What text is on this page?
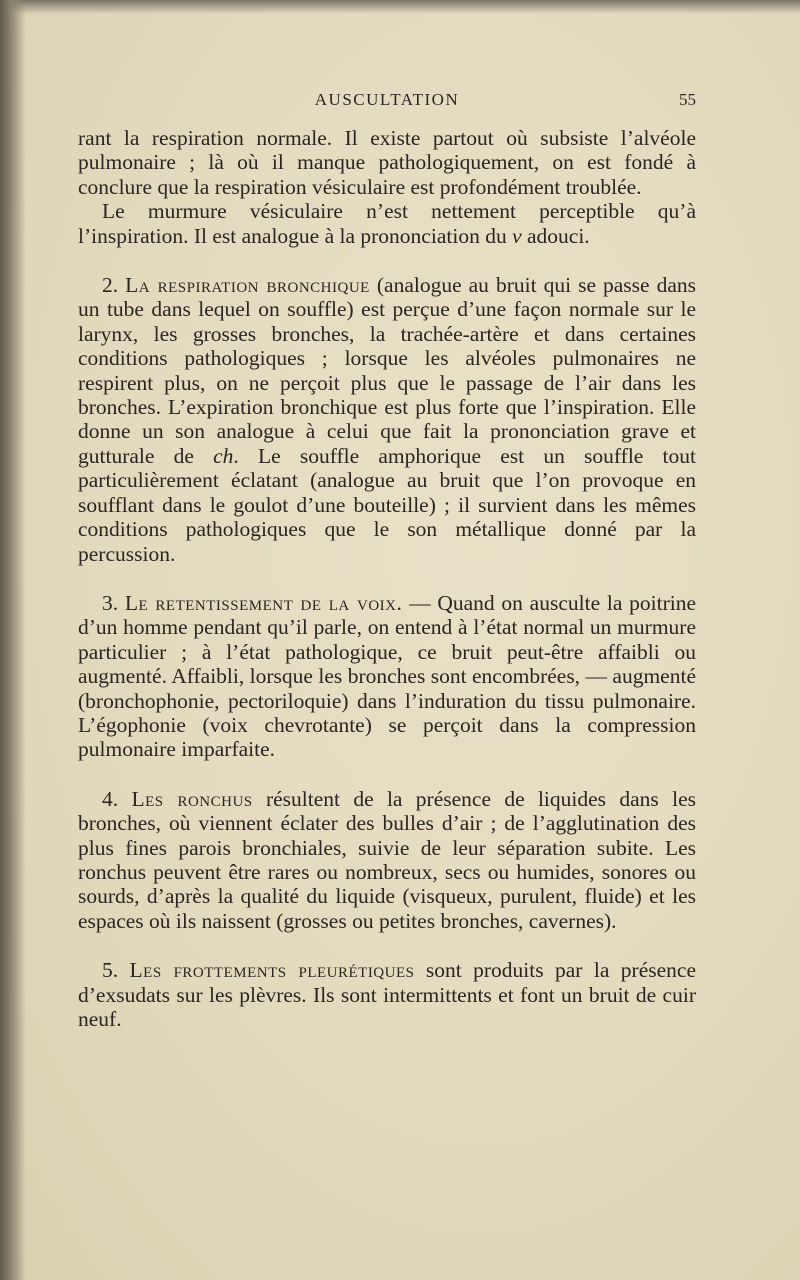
AUSCULTATION	55

rant la respiration normale. Il existe partout où subsiste l’alvéole pulmonaire ; là où il manque pathologiquement, on est fondé à conclure que la respiration vésiculaire est profondément troublée.

Le murmure vésiculaire n’est nettement perceptible qu’à l’inspiration. Il est analogue à la prononciation du v adouci.

2. La respiration bronchique (analogue au bruit qui se passe dans un tube dans lequel on souffle) est perçue d’une façon normale sur le larynx, les grosses bronches, la trachée-artère et dans certaines conditions pathologiques ; lorsque les alvéoles pulmonaires ne respirent plus, on ne perçoit plus que le passage de l’air dans les bronches. L’expiration bronchique est plus forte que l’inspiration. Elle donne un son analogue à celui que fait la prononciation grave et gutturale de ch. Le souffle amphorique est un souffle tout particulièrement éclatant (analogue au bruit que l’on provoque en soufflant dans le goulot d’une bouteille) ; il survient dans les mêmes conditions pathologiques que le son métallique donné par la percussion.

3. Le retentissement de la voix. — Quand on ausculte la poitrine d’un homme pendant qu’il parle, on entend à l’état normal un murmure particulier ; à l’état pathologique, ce bruit peut-être affaibli ou augmenté. Affaibli, lorsque les bronches sont encombrées, — augmenté (bronchophonie, pectoriloquie) dans l’induration du tissu pulmonaire. L’égophonie (voix chevrotante) se perçoit dans la compression pulmonaire imparfaite.

4. Les ronchus résultent de la présence de liquides dans les bronches, où viennent éclater des bulles d’air ; de l’agglutination des plus fines parois bronchiales, suivie de leur séparation subite. Les ronchus peuvent être rares ou nombreux, secs ou humides, sonores ou sourds, d’après la qualité du liquide (visqueux, purulent, fluide) et les espaces où ils naissent (grosses ou petites bronches, cavernes).

5. Les frottements pleurétiques sont produits par la présence d’exsudats sur les plèvres. Ils sont intermittents et font un bruit de cuir neuf.
